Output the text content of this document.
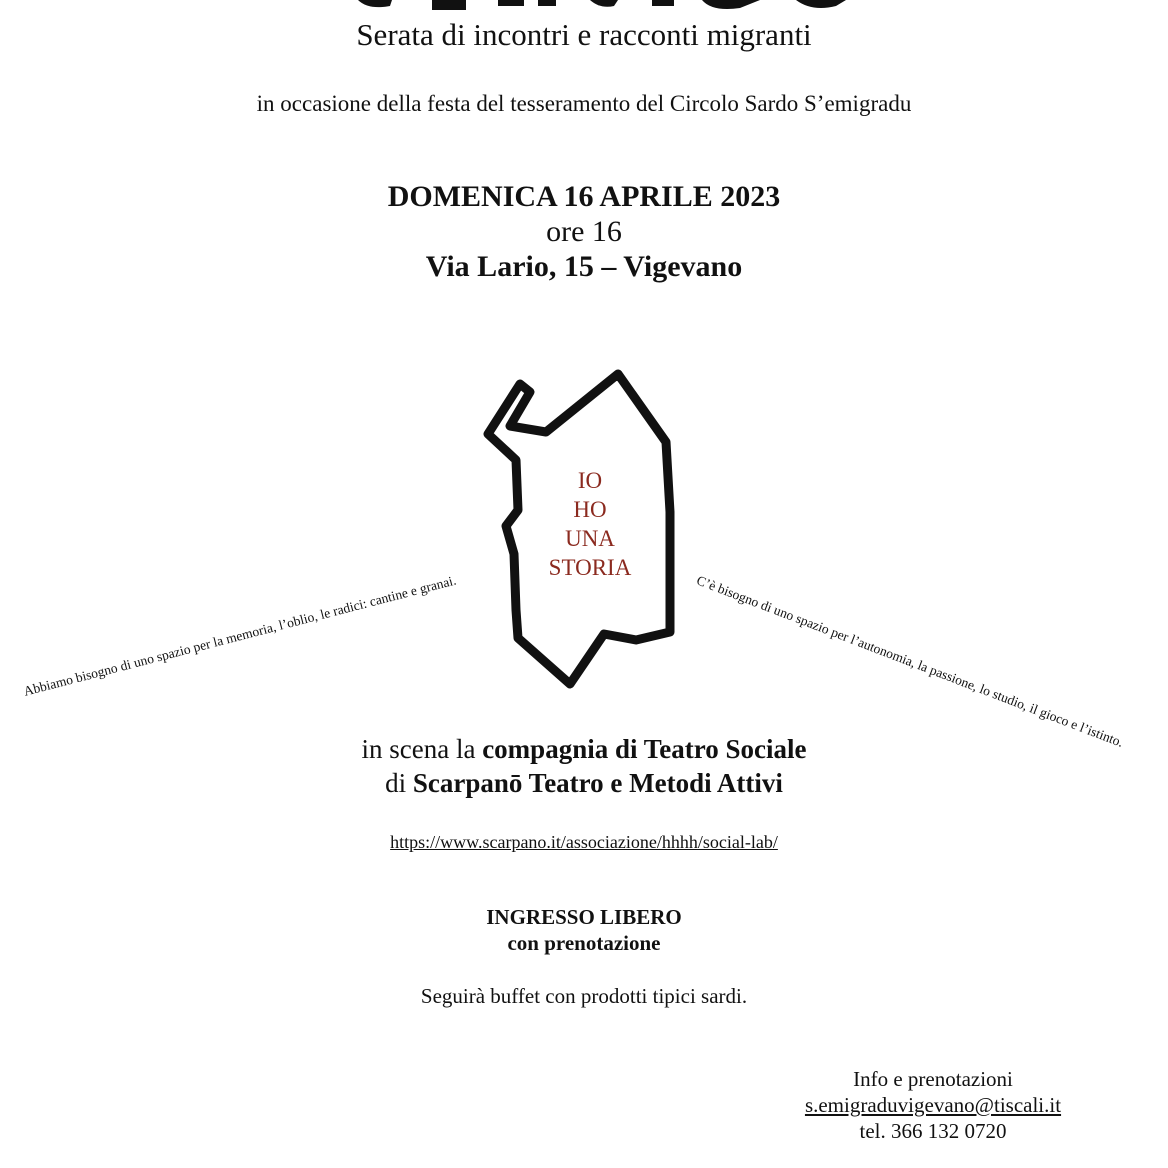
Serata di incontri e racconti migranti
in occasione della festa del tesseramento del Circolo Sardo S’emigradu
DOMENICA 16 APRILE 2023
ore 16
Via Lario, 15 – Vigevano
IO
HO
UNA
STORIA
Abbiamo bisogno di uno spazio per la memoria, l’oblio, le radici: cantine e granai.	C’è bisogno di uno spazio per l’autonomia, la passione, lo studio, il gioco e l’istinto.
in scena la compagnia di Teatro Sociale
di Scarpanō Teatro e Metodi Attivi
https://www.scarpano.it/associazione/hhhh/social-lab/
INGRESSO LIBERO
con prenotazione
Seguirà buffet con prodotti tipici sardi.
Info e prenotazioni
s.emigraduvigevano@tiscali.it
tel. 366 132 0720
